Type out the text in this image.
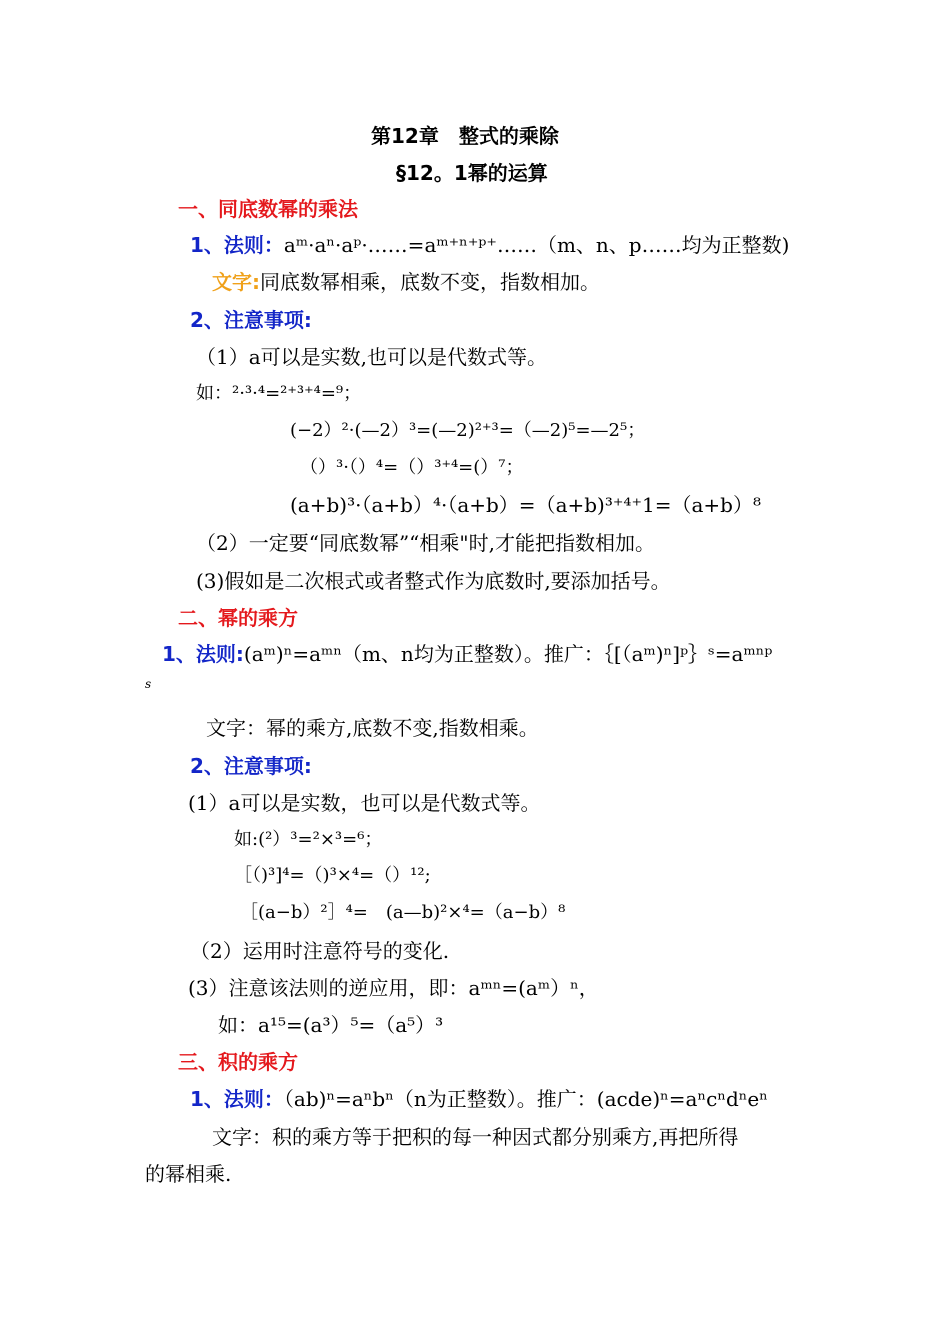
第12章　整式的乘除
§12。1幂的运算
一、同底数幂的乘法
1、法则：aᵐ·aⁿ·aᵖ·……=aᵐ⁺ⁿ⁺ᵖ⁺……（m、n、p……均为正整数)
文字:同底数幂相乘，底数不变，指数相加。
2、注意事项:
（1）a可以是实数,也可以是代数式等。
如：²·³·⁴=²⁺³⁺⁴=⁹；
(−2）²·(—2）³=(—2)²⁺³=（—2)⁵=—2⁵；
（）³·（）⁴=（）³⁺⁴=(）⁷；
(a+b)³·（a+b）⁴·（a+b）=（a+b)³⁺⁴⁺1=（a+b）⁸
（2）一定要“同底数幂”“相乘"时,才能把指数相加。
(3)假如是二次根式或者整式作为底数时,要添加括号。
二、幂的乘方
1、法则:(aᵐ)ⁿ=aᵐⁿ（m、n均为正整数）。推广：｛[（aᵐ)ⁿ]ᵖ｝ˢ=aᵐⁿᵖ
s
文字：幂的乘方,底数不变,指数相乘。
2、注意事项:
(1）a可以是实数，也可以是代数式等。
如:(²）³=²×³=⁶；
［（)³]⁴=（)³×⁴=（）¹²;
［(a−b）²］⁴=　(a—b)²×⁴=（a−b）⁸
（2）运用时注意符号的变化.
(3）注意该法则的逆应用，即：aᵐⁿ=(aᵐ）ⁿ，
如：a¹⁵=(a³）⁵=（a⁵）³
三、积的乘方
1、法则：（ab)ⁿ=aⁿbⁿ（n为正整数）。推广：(acde)ⁿ=aⁿcⁿdⁿeⁿ
文字：积的乘方等于把积的每一种因式都分别乘方,再把所得
的幂相乘.
